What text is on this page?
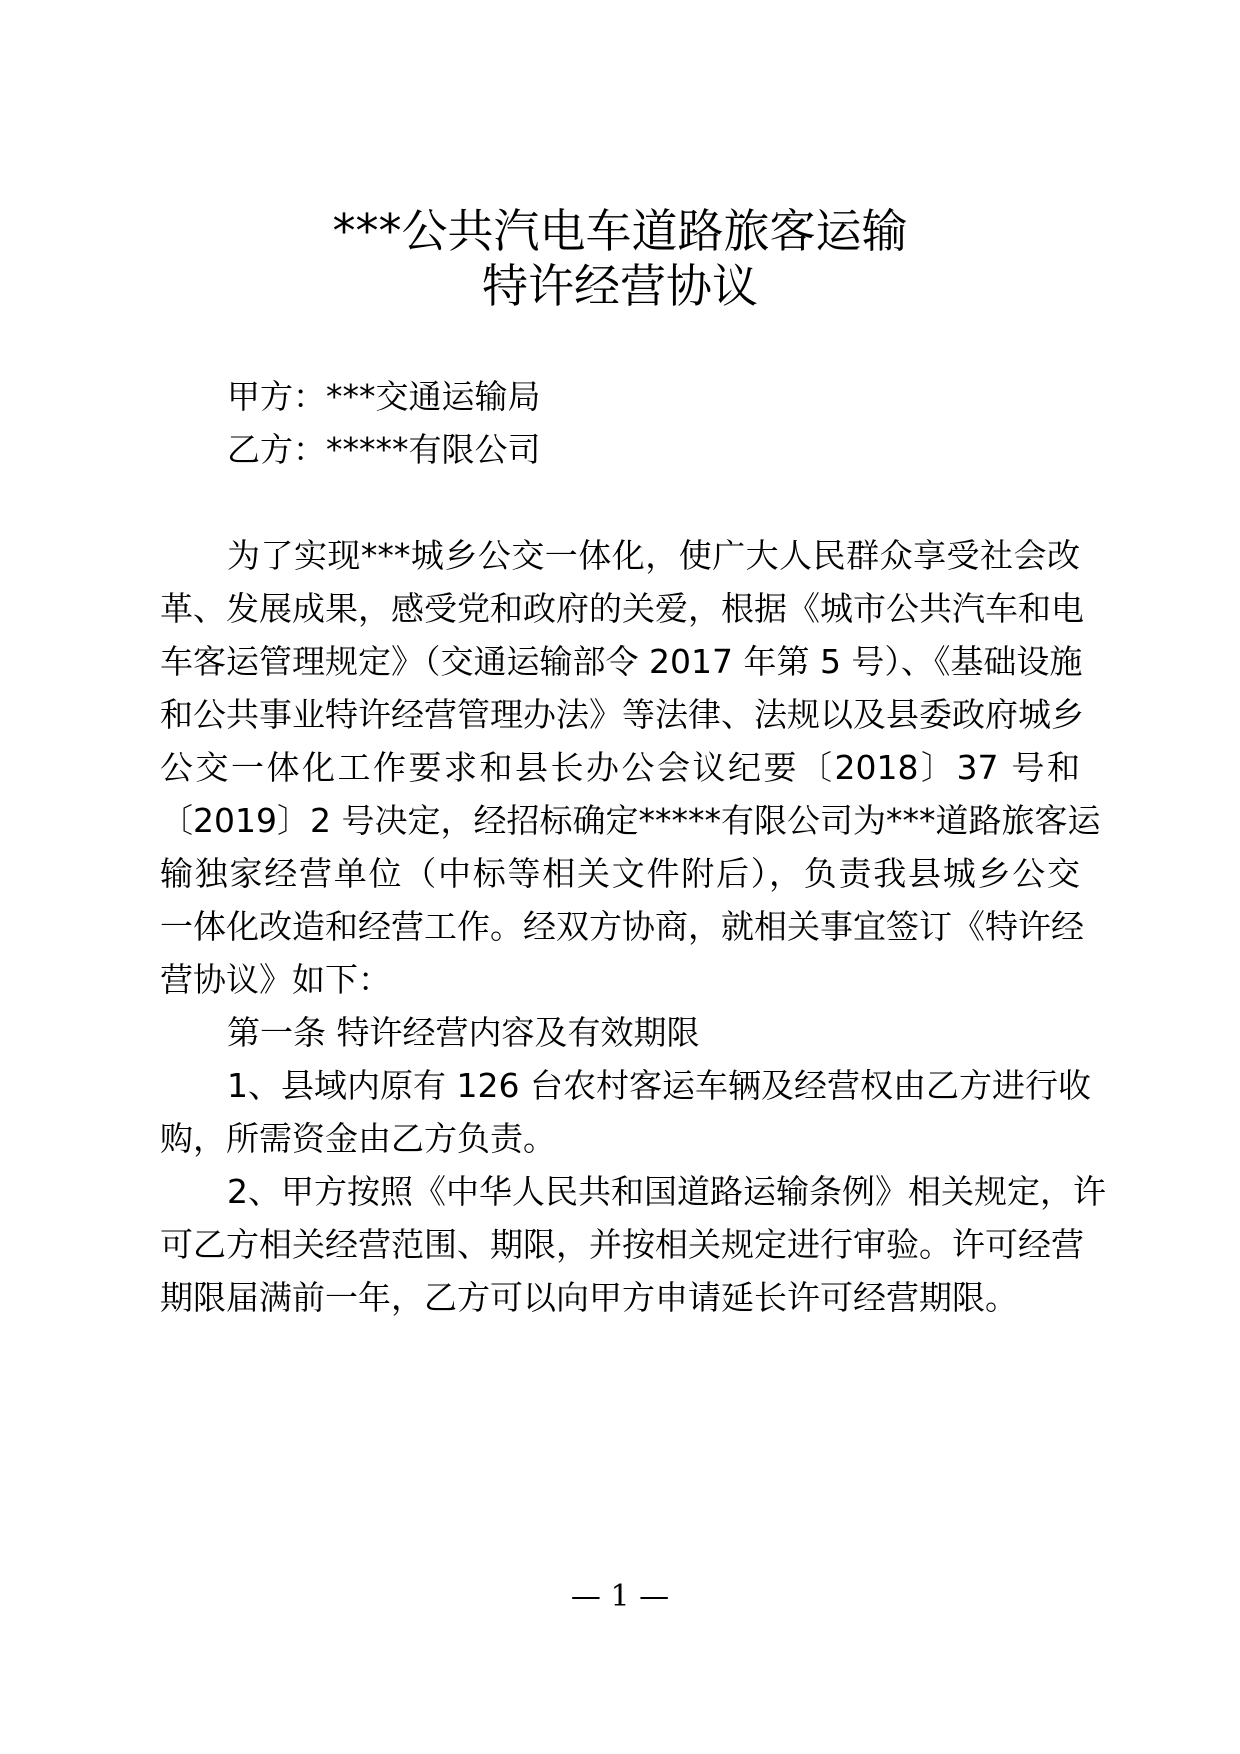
***公共汽电车道路旅客运输
特许经营协议
甲方：***交通运输局
乙方：*****有限公司
为了实现***城乡公交一体化，使广大人民群众享受社会改
革、发展成果，感受党和政府的关爱，根据《城市公共汽车和电
车客运管理规定》（交通运输部令 2017 年第 5 号）、《基础设施
和公共事业特许经营管理办法》等法律、法规以及县委政府城乡
公交一体化工作要求和县长办公会议纪要〔2018〕37 号和
〔2019〕2 号决定，经招标确定*****有限公司为***道路旅客运
输独家经营单位（中标等相关文件附后），负责我县城乡公交
一体化改造和经营工作。经双方协商，就相关事宜签订《特许经
营协议》如下：
第一条 特许经营内容及有效期限
1、县域内原有 126 台农村客运车辆及经营权由乙方进行收
购，所需资金由乙方负责。
2、甲方按照《中华人民共和国道路运输条例》相关规定，许
可乙方相关经营范围、期限，并按相关规定进行审验。许可经营
期限届满前一年，乙方可以向甲方申请延长许可经营期限。
— 1 —
